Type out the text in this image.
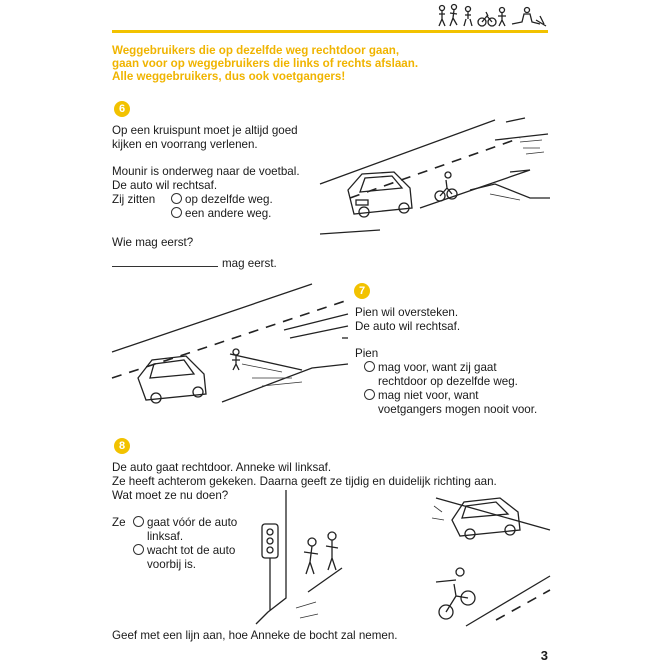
Weggebruikers die op dezelfde weg rechtdoor gaan,
gaan voor op weggebruikers die links of rechts afslaan.
Alle weggebruikers, dus ook voetgangers!
6
Op een kruispunt moet je altijd goed
kijken en voorrang verlenen.
Mounir is onderweg naar de voetbal.
De auto wil rechtsaf.
Zij zitten	op dezelfde weg.
een andere weg.
Wie mag eerst?
mag eerst.
7
Pien wil oversteken.
De auto wil rechtsaf.
Pien
mag voor, want zij gaat
rechtdoor op dezelfde weg.
mag niet voor, want
voetgangers mogen nooit voor.
8
De auto gaat rechtdoor. Anneke wil linksaf.
Ze heeft achterom gekeken. Daarna geeft ze tijdig en duidelijk richting aan.
Wat moet ze nu doen?
Ze	gaat vóór de auto
linksaf.
wacht tot de auto
voorbij is.
Geef met een lijn aan, hoe Anneke de bocht zal nemen.
3
